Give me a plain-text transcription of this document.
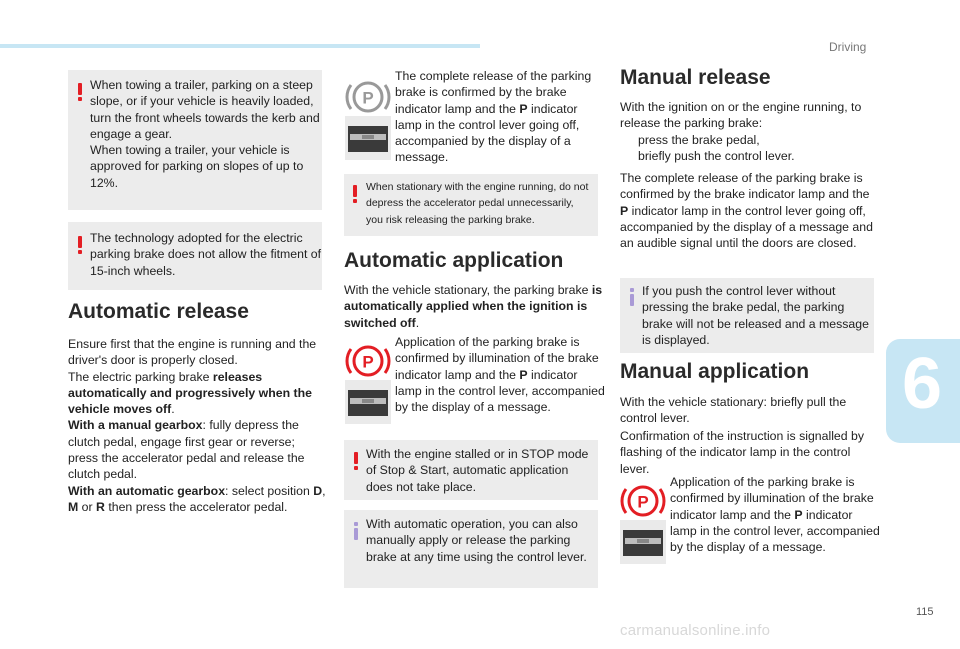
Driving
6
115
carmanualsonline.info

When towing a trailer, parking on a steep

slope, or if your vehicle is heavily loaded,

turn the front wheels towards the kerb and

engage a gear.

When towing a trailer, your vehicle is

approved for parking on slopes of up to

12%.

The technology adopted for the electric

parking brake does not allow the fitment of

15-inch wheels.

Automatic release
Ensure first that the engine is running and the
driver's door is properly closed.
The electric parking brake releases
automatically and progressively when the
vehicle moves off.
With a manual gearbox: fully depress the
clutch pedal, engage first gear or reverse;
press the accelerator pedal and release the
clutch pedal.
With an automatic gearbox: select position D,
M or R then press the accelerator pedal.
P
The complete release of the parking
brake is confirmed by the brake
indicator lamp and the P indicator
lamp in the control lever going off,
accompanied by the display of a
message.

When stationary with the engine running, do not

depress the accelerator pedal unnecessarily,

you risk releasing the parking brake.

Automatic application
With the vehicle stationary, the parking brake is
automatically applied when the ignition is
switched off.
P
Application of the parking brake is
confirmed by illumination of the brake
indicator lamp and the P indicator
lamp in the control lever, accompanied
by the display of a message.

With the engine stalled or in STOP mode

of Stop & Start, automatic application

does not take place.

With automatic operation, you can also

manually apply or release the parking

brake at any time using the control lever.

Manual release
With the ignition on or the engine running, to
release the parking brake:
press the brake pedal,
briefly push the control lever.
The complete release of the parking brake is
confirmed by the brake indicator lamp and the
P indicator lamp in the control lever going off,
accompanied by the display of a message and
an audible signal until the doors are closed.

If you push the control lever without

pressing the brake pedal, the parking

brake will not be released and a message

is displayed.

Manual application
With the vehicle stationary: briefly pull the
control lever.
Confirmation of the instruction is signalled by
flashing of the indicator lamp in the control
lever.
P
Application of the parking brake is
confirmed by illumination of the brake
indicator lamp and the P indicator
lamp in the control lever, accompanied
by the display of a message.
